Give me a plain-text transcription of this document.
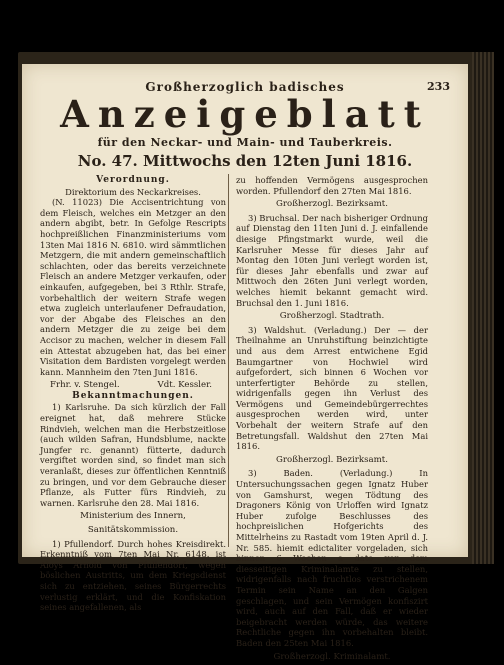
233
Großherzoglich badisches
Anzeigeblatt
für den Neckar- und Main- und Tauberkreis.
No. 47. Mittwochs den 12ten Juni 1816.
Verordnung.
Direktorium des Neckarkreises.

(N. 11023) Die Accisentrichtung von dem Fleisch, welches ein Metzger an den andern abgibt, betr. In Gefolge Rescripts hochpreißlichen Finanzministeriums vom 13ten Mai 1816 N. 6810. wird sämmtlichen Metzgern, die mit andern gemeinschaftlich schlachten, oder das bereits verzeichnete Fleisch an andere Metzger verkaufen, oder einkaufen, aufgegeben, bei 3 Rthlr. Strafe, vorbehaltlich der weitern Strafe wegen etwa zugleich unterlaufener Defraudation, vor der Abgabe des Fleisches an den andern Metzger die zu zeige bei dem Accisor zu machen, welcher in diesem Fall ein Attestat abzugeben hat, das bei einer Visitation dem Bardisten vorgelegt werden kann. Mannheim den 7ten Juni 1816.

Frhr. v. Stengel.	Vdt. Kessler.
Bekanntmachungen.

1) Karlsruhe. Da sich kürzlich der Fall ereignet hat, daß mehrere Stücke Rindvieh, welchen man die Herbstzeitlose (auch wilden Safran, Hundsblume, nackte Jungfer rc. genannt) fütterte, dadurch vergiftet worden sind, so findet man sich veranlaßt, dieses zur öffentlichen Kenntniß zu bringen, und vor dem Gebrauche dieser Pflanze, als Futter fürs Rindvieh, zu warnen. Karlsruhe den 28. Mai 1816.

Ministerium des Innern,
Sanitätskommission.

1) Pfullendorf. Durch hohes Kreisdirekt. Erkenntniß vom 7ten Mai Nr. 6148. ist Aloys Arnold von Pfullendorf, wegen böslichen Austritts, um dem Kriegsdienst sich zu entziehen, seines Bürgerrechts verlustig erklärt, und die Konfiskation seines angefallenen, als

zu hoffenden Vermögens ausgesprochen worden. Pfullendorf den 27ten Mai 1816.

Großherzogl. Bezirksamt.

3) Bruchsal. Der nach bisheriger Ordnung auf Dienstag den 11ten Juni d. J. einfallende diesige Pfingstmarkt wurde, weil die Karlsruher Messe für dieses Jahr auf Montag den 10ten Juni verlegt worden ist, für dieses Jahr ebenfalls und zwar auf Mittwoch den 26ten Juni verlegt worden, welches hiemit bekannt gemacht wird. Bruchsal den 1. Juni 1816.

Großherzogl. Stadtrath.

3) Waldshut. (Verladung.) Der — der Theilnahme an Unruhstiftung beinzichtigte und aus dem Arrest entwichene Egid Baumgartner von Hochwiel wird aufgefordert, sich binnen 6 Wochen vor unterfertigter Behörde zu stellen, widrigenfalls gegen ihn Verlust des Vermögens und Gemeindebürgerrechtes ausgesprochen werden wird, unter Vorbehalt der weitern Strafe auf den Betretungsfall. Waldshut den 27ten Mai 1816.

Großherzogl. Bezirksamt.

3) Baden. (Verladung.) In Untersuchungssachen gegen Ignatz Huber von Gamshurst, wegen Tödtung des Dragoners König von Urloffen wird Ignatz Huber zufolge Beschlusses des hochpreislichen Hofgerichts des Mittelrheins zu Rastadt vom 19ten April d. J. Nr. 585. hiemit edictaliter vorgeladen, sich binnen 6 Wochen a dato vor dem diesseitigen Kriminalamte zu stellen, widrigenfalls nach fruchtlos verstrichenem Termin sein Name an den Galgen geschlagen, und sein Vermögen konfiszirt wird, auch auf den Fall, daß er wieder beigebracht werden würde, das weitere Rechtliche gegen ihn vorbehalten bleibt. Baden den 25ten Mai 1816.

Großherzogl. Kriminalamt.
